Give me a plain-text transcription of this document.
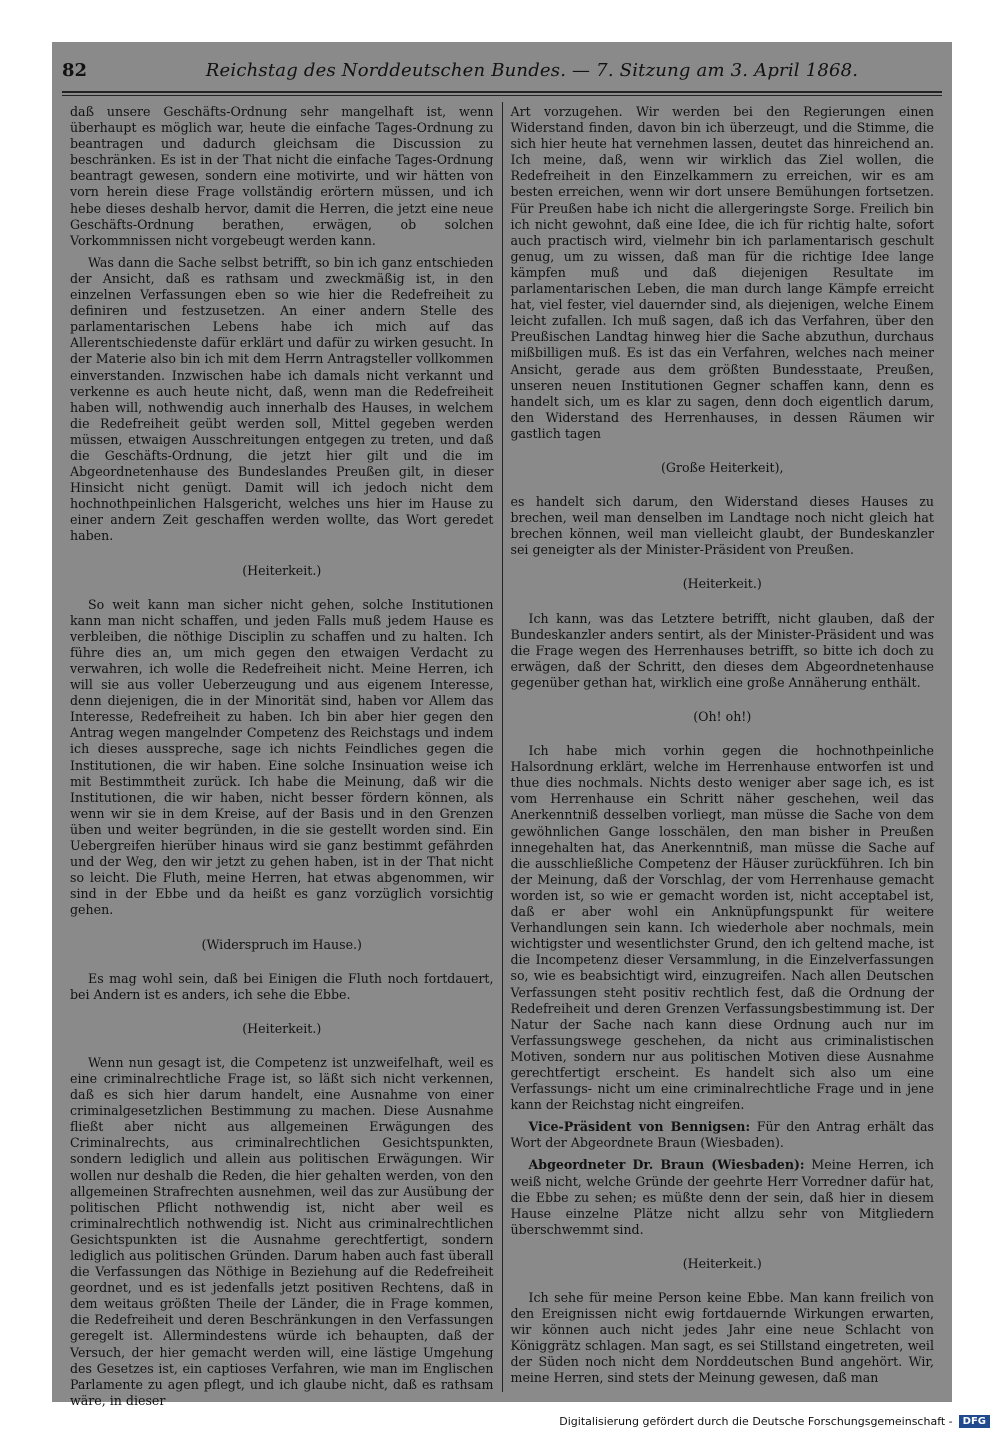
82	Reichstag des Norddeutschen Bundes. — 7. Sitzung am 3. April 1868.

daß unsere Geschäfts-Ordnung sehr mangelhaft ist, wenn überhaupt es möglich war, heute die einfache Tages-Ordnung zu beantragen und dadurch gleichsam die Discussion zu beschränken. Es ist in der That nicht die einfache Tages-Ordnung beantragt gewesen, sondern eine motivirte, und wir hätten von vorn herein diese Frage vollständig erörtern müssen, und ich hebe dieses deshalb hervor, damit die Herren, die jetzt eine neue Geschäfts-Ordnung berathen, erwägen, ob solchen Vorkommnissen nicht vorgebeugt werden kann.

Was dann die Sache selbst betrifft, so bin ich ganz entschieden der Ansicht, daß es rathsam und zweckmäßig ist, in den einzelnen Verfassungen eben so wie hier die Redefreiheit zu definiren und festzusetzen. An einer andern Stelle des parlamentarischen Lebens habe ich mich auf das Allerentschiedenste dafür erklärt und dafür zu wirken gesucht. In der Materie also bin ich mit dem Herrn Antragsteller vollkommen einverstanden. Inzwischen habe ich damals nicht verkannt und verkenne es auch heute nicht, daß, wenn man die Redefreiheit haben will, nothwendig auch innerhalb des Hauses, in welchem die Redefreiheit geübt werden soll, Mittel gegeben werden müssen, etwaigen Ausschreitungen entgegen zu treten, und daß die Geschäfts-Ordnung, die jetzt hier gilt und die im Abgeordnetenhause des Bundeslandes Preußen gilt, in dieser Hinsicht nicht genügt. Damit will ich jedoch nicht dem hochnothpeinlichen Halsgericht, welches uns hier im Hause zu einer andern Zeit geschaffen werden wollte, das Wort geredet haben.

(Heiterkeit.)

So weit kann man sicher nicht gehen, solche Institutionen kann man nicht schaffen, und jeden Falls muß jedem Hause es verbleiben, die nöthige Disciplin zu schaffen und zu halten. Ich führe dies an, um mich gegen den etwaigen Verdacht zu verwahren, ich wolle die Redefreiheit nicht. Meine Herren, ich will sie aus voller Ueberzeugung und aus eigenem Interesse, denn diejenigen, die in der Minorität sind, haben vor Allem das Interesse, Redefreiheit zu haben. Ich bin aber hier gegen den Antrag wegen mangelnder Competenz des Reichstags und indem ich dieses ausspreche, sage ich nichts Feindliches gegen die Institutionen, die wir haben. Eine solche Insinuation weise ich mit Bestimmtheit zurück. Ich habe die Meinung, daß wir die Institutionen, die wir haben, nicht besser fördern können, als wenn wir sie in dem Kreise, auf der Basis und in den Grenzen üben und weiter begründen, in die sie gestellt worden sind. Ein Uebergreifen hierüber hinaus wird sie ganz bestimmt gefährden und der Weg, den wir jetzt zu gehen haben, ist in der That nicht so leicht. Die Fluth, meine Herren, hat etwas abgenommen, wir sind in der Ebbe und da heißt es ganz vorzüglich vorsichtig gehen.

(Widerspruch im Hause.)

Es mag wohl sein, daß bei Einigen die Fluth noch fortdauert, bei Andern ist es anders, ich sehe die Ebbe.

(Heiterkeit.)

Wenn nun gesagt ist, die Competenz ist unzweifelhaft, weil es eine criminalrechtliche Frage ist, so läßt sich nicht verkennen, daß es sich hier darum handelt, eine Ausnahme von einer criminalgesetzlichen Bestimmung zu machen. Diese Ausnahme fließt aber nicht aus allgemeinen Erwägungen des Criminalrechts, aus criminalrechtlichen Gesichtspunkten, sondern lediglich und allein aus politischen Erwägungen. Wir wollen nur deshalb die Reden, die hier gehalten werden, von den allgemeinen Strafrechten ausnehmen, weil das zur Ausübung der politischen Pflicht nothwendig ist, nicht aber weil es criminalrechtlich nothwendig ist. Nicht aus criminalrechtlichen Gesichtspunkten ist die Ausnahme gerechtfertigt, sondern lediglich aus politischen Gründen. Darum haben auch fast überall die Verfassungen das Nöthige in Beziehung auf die Redefreiheit geordnet, und es ist jedenfalls jetzt positiven Rechtens, daß in dem weitaus größten Theile der Länder, die in Frage kommen, die Redefreiheit und deren Beschränkungen in den Verfassungen geregelt ist. Allermindestens würde ich behaupten, daß der Versuch, der hier gemacht werden will, eine lästige Umgehung des Gesetzes ist, ein captioses Verfahren, wie man im Englischen Parlamente zu agen pflegt, und ich glaube nicht, daß es rathsam wäre, in dieser

Art vorzugehen. Wir werden bei den Regierungen einen Widerstand finden, davon bin ich überzeugt, und die Stimme, die sich hier heute hat vernehmen lassen, deutet das hinreichend an. Ich meine, daß, wenn wir wirklich das Ziel wollen, die Redefreiheit in den Einzelkammern zu erreichen, wir es am besten erreichen, wenn wir dort unsere Bemühungen fortsetzen. Für Preußen habe ich nicht die allergeringste Sorge. Freilich bin ich nicht gewohnt, daß eine Idee, die ich für richtig halte, sofort auch practisch wird, vielmehr bin ich parlamentarisch geschult genug, um zu wissen, daß man für die richtige Idee lange kämpfen muß und daß diejenigen Resultate im parlamentarischen Leben, die man durch lange Kämpfe erreicht hat, viel fester, viel dauernder sind, als diejenigen, welche Einem leicht zufallen. Ich muß sagen, daß ich das Verfahren, über den Preußischen Landtag hinweg hier die Sache abzuthun, durchaus mißbilligen muß. Es ist das ein Verfahren, welches nach meiner Ansicht, gerade aus dem größten Bundesstaate, Preußen, unseren neuen Institutionen Gegner schaffen kann, denn es handelt sich, um es klar zu sagen, denn doch eigentlich darum, den Widerstand des Herrenhauses, in dessen Räumen wir gastlich tagen

(Große Heiterkeit),

es handelt sich darum, den Widerstand dieses Hauses zu brechen, weil man denselben im Landtage noch nicht gleich hat brechen können, weil man vielleicht glaubt, der Bundeskanzler sei geneigter als der Minister-Präsident von Preußen.

(Heiterkeit.)

Ich kann, was das Letztere betrifft, nicht glauben, daß der Bundeskanzler anders sentirt, als der Minister-Präsident und was die Frage wegen des Herrenhauses betrifft, so bitte ich doch zu erwägen, daß der Schritt, den dieses dem Abgeordnetenhause gegenüber gethan hat, wirklich eine große Annäherung enthält.

(Oh! oh!)

Ich habe mich vorhin gegen die hochnothpeinliche Halsordnung erklärt, welche im Herrenhause entworfen ist und thue dies nochmals. Nichts desto weniger aber sage ich, es ist vom Herrenhause ein Schritt näher geschehen, weil das Anerkenntniß desselben vorliegt, man müsse die Sache von dem gewöhnlichen Gange losschälen, den man bisher in Preußen innegehalten hat, das Anerkenntniß, man müsse die Sache auf die ausschließliche Competenz der Häuser zurückführen. Ich bin der Meinung, daß der Vorschlag, der vom Herrenhause gemacht worden ist, so wie er gemacht worden ist, nicht acceptabel ist, daß er aber wohl ein Anknüpfungspunkt für weitere Verhandlungen sein kann. Ich wiederhole aber nochmals, mein wichtigster und wesentlichster Grund, den ich geltend mache, ist die Incompetenz dieser Versammlung, in die Einzelverfassungen so, wie es beabsichtigt wird, einzugreifen. Nach allen Deutschen Verfassungen steht positiv rechtlich fest, daß die Ordnung der Redefreiheit und deren Grenzen Verfassungsbestimmung ist. Der Natur der Sache nach kann diese Ordnung auch nur im Verfassungswege geschehen, da nicht aus criminalistischen Motiven, sondern nur aus politischen Motiven diese Ausnahme gerechtfertigt erscheint. Es handelt sich also um eine Verfassungs- nicht um eine criminalrechtliche Frage und in jene kann der Reichstag nicht eingreifen.

Vice-Präsident von Bennigsen: Für den Antrag erhält das Wort der Abgeordnete Braun (Wiesbaden).

Abgeordneter Dr. Braun (Wiesbaden): Meine Herren, ich weiß nicht, welche Gründe der geehrte Herr Vorredner dafür hat, die Ebbe zu sehen; es müßte denn der sein, daß hier in diesem Hause einzelne Plätze nicht allzu sehr von Mitgliedern überschwemmt sind.

(Heiterkeit.)

Ich sehe für meine Person keine Ebbe. Man kann freilich von den Ereignissen nicht ewig fortdauernde Wirkungen erwarten, wir können auch nicht jedes Jahr eine neue Schlacht von Königgrätz schlagen. Man sagt, es sei Stillstand eingetreten, weil der Süden noch nicht dem Norddeutschen Bund angehört. Wir, meine Herren, sind stets der Meinung gewesen, daß man

Digitalisierung gefördert durch die Deutsche Forschungsgemeinschaft -	DFG
